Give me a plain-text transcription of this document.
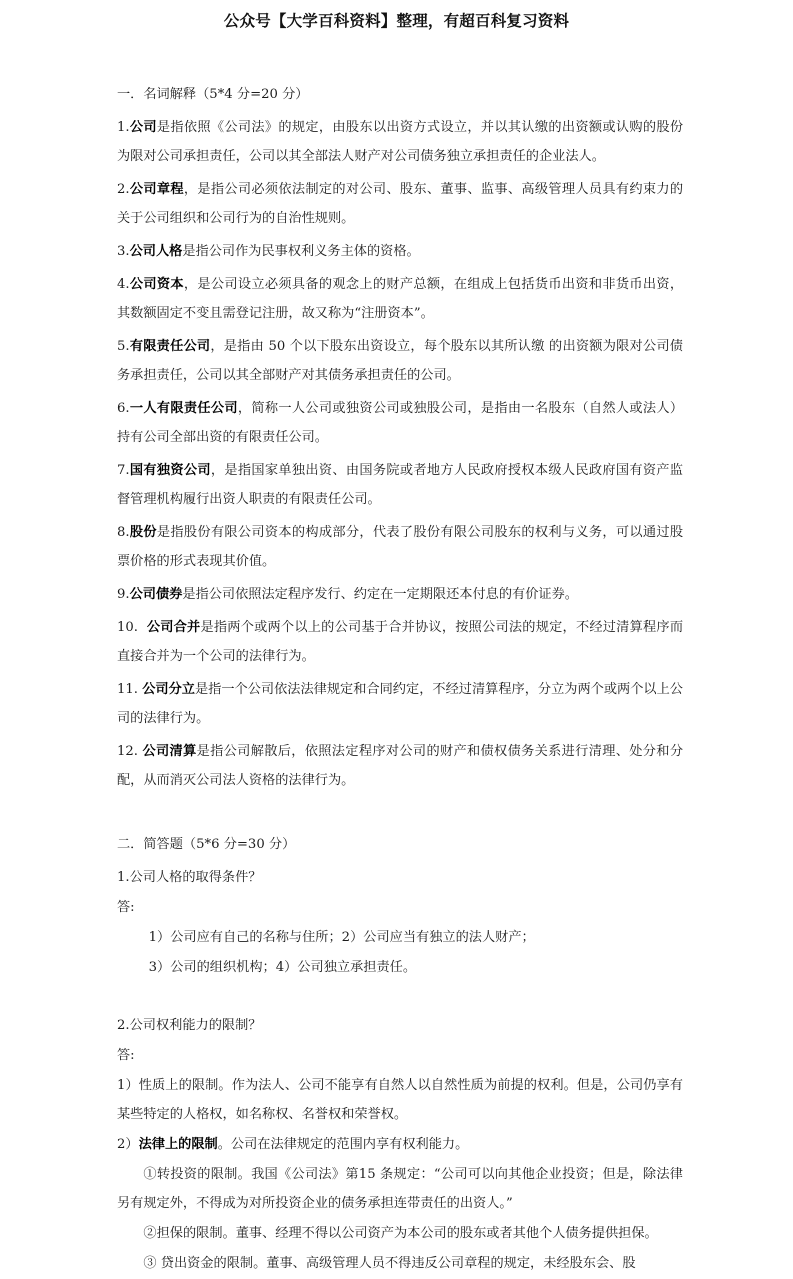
公众号【大学百科资料】整理，有超百科复习资料

一．名词解释（5*4 分=20 分）

1.公司是指依照《公司法》的规定，由股东以出资方式设立，并以其认缴的出资额或认购的股份为限对公司承担责任，公司以其全部法人财产对公司债务独立承担责任的企业法人。

2.公司章程，是指公司必须依法制定的对公司、股东、董事、监事、高级管理人员具有约束力的关于公司组织和公司行为的自治性规则。

3.公司人格是指公司作为民事权利义务主体的资格。

4.公司资本，是公司设立必须具备的观念上的财产总额，在组成上包括货币出资和非货币出资，其数额固定不变且需登记注册，故又称为“注册资本”。

5.有限责任公司，是指由 50 个以下股东出资设立，每个股东以其所认缴 的出资额为限对公司债务承担责任，公司以其全部财产对其债务承担责任的公司。

6.一人有限责任公司，简称一人公司或独资公司或独股公司，是指由一名股东（自然人或法人）持有公司全部出资的有限责任公司。

7.国有独资公司，是指国家单独出资、由国务院或者地方人民政府授权本级人民政府国有资产监督管理机构履行出资人职责的有限责任公司。

8.股份是指股份有限公司资本的构成部分，代表了股份有限公司股东的权利与义务，可以通过股票价格的形式表现其价值。

9.公司债券是指公司依照法定程序发行、约定在一定期限还本付息的有价证券。

10. 公司合并是指两个或两个以上的公司基于合并协议，按照公司法的规定，不经过清算程序而直接合并为一个公司的法律行为。

11. 公司分立是指一个公司依法法律规定和合同约定，不经过清算程序，分立为两个或两个以上公司的法律行为。

12. 公司清算是指公司解散后，依照法定程序对公司的财产和债权债务关系进行清理、处分和分配，从而消灭公司法人资格的法律行为。

二．简答题（5*6 分=30 分）

1.公司人格的取得条件？

答:

1）公司应有自己的名称与住所；2）公司应当有独立的法人财产；

3）公司的组织机构；4）公司独立承担责任。

2.公司权利能力的限制？

答:

1）性质上的限制。作为法人、公司不能享有自然人以自然性质为前提的权利。但是，公司仍享有某些特定的人格权，如名称权、名誉权和荣誉权。

2）法律上的限制。公司在法律规定的范围内享有权利能力。

①转投资的限制。我国《公司法》第15 条规定：“公司可以向其他企业投资；但是，除法律另有规定外，不得成为对所投资企业的债务承担连带责任的出资人。”

②担保的限制。董事、经理不得以公司资产为本公司的股东或者其他个人债务提供担保。

③ 贷出资金的限制。董事、高级管理人员不得违反公司章程的规定，未经股东会、股
